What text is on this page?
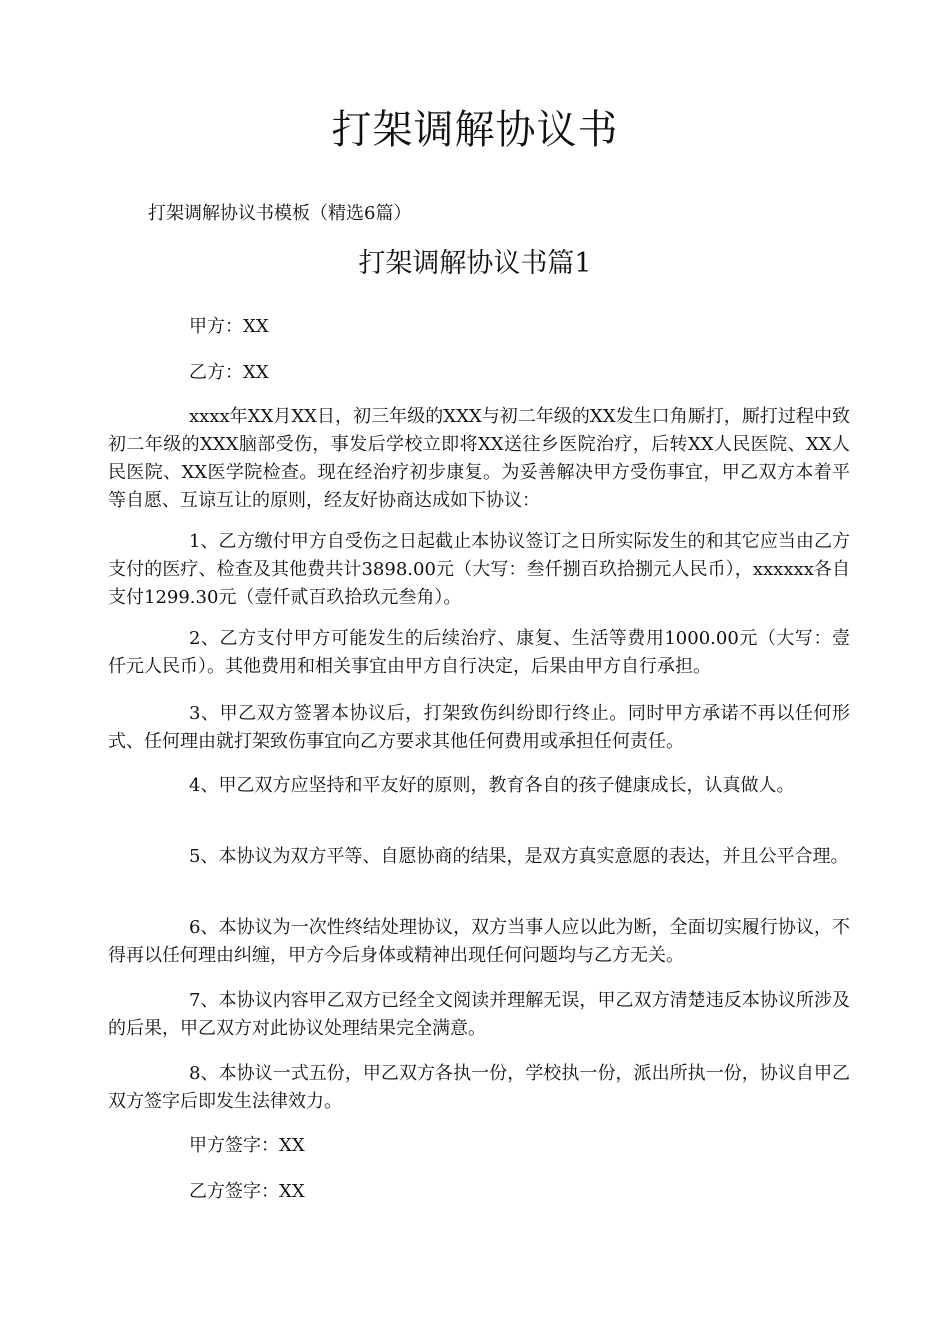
打架调解协议书
打架调解协议书模板（精选6篇）
打架调解协议书篇1
甲方：XX
乙方：XX
xxxx年XX月XX日，初三年级的XXX与初二年级的XX发生口角厮打，厮打过程中致初二年级的XXX脑部受伤，事发后学校立即将XX送往乡医院治疗，后转XX人民医院、XX人民医院、XX医学院检查。现在经治疗初步康复。为妥善解决甲方受伤事宜，甲乙双方本着平等自愿、互谅互让的原则，经友好协商达成如下协议：
1、乙方缴付甲方自受伤之日起截止本协议签订之日所实际发生的和其它应当由乙方支付的医疗、检查及其他费共计3898.00元（大写：叁仟捌百玖拾捌元人民币），xxxxxx各自支付1299.30元（壹仟贰百玖拾玖元叁角）。
2、乙方支付甲方可能发生的后续治疗、康复、生活等费用1000.00元（大写：壹仟元人民币）。其他费用和相关事宜由甲方自行决定，后果由甲方自行承担。
3、甲乙双方签署本协议后，打架致伤纠纷即行终止。同时甲方承诺不再以任何形式、任何理由就打架致伤事宜向乙方要求其他任何费用或承担任何责任。
4、甲乙双方应坚持和平友好的原则，教育各自的孩子健康成长，认真做人。
5、本协议为双方平等、自愿协商的结果，是双方真实意愿的表达，并且公平合理。
6、本协议为一次性终结处理协议，双方当事人应以此为断，全面切实履行协议，不得再以任何理由纠缠，甲方今后身体或精神出现任何问题均与乙方无关。
7、本协议内容甲乙双方已经全文阅读并理解无误，甲乙双方清楚违反本协议所涉及的后果，甲乙双方对此协议处理结果完全满意。
8、本协议一式五份，甲乙双方各执一份，学校执一份，派出所执一份，协议自甲乙双方签字后即发生法律效力。
甲方签字：XX
乙方签字：XX
